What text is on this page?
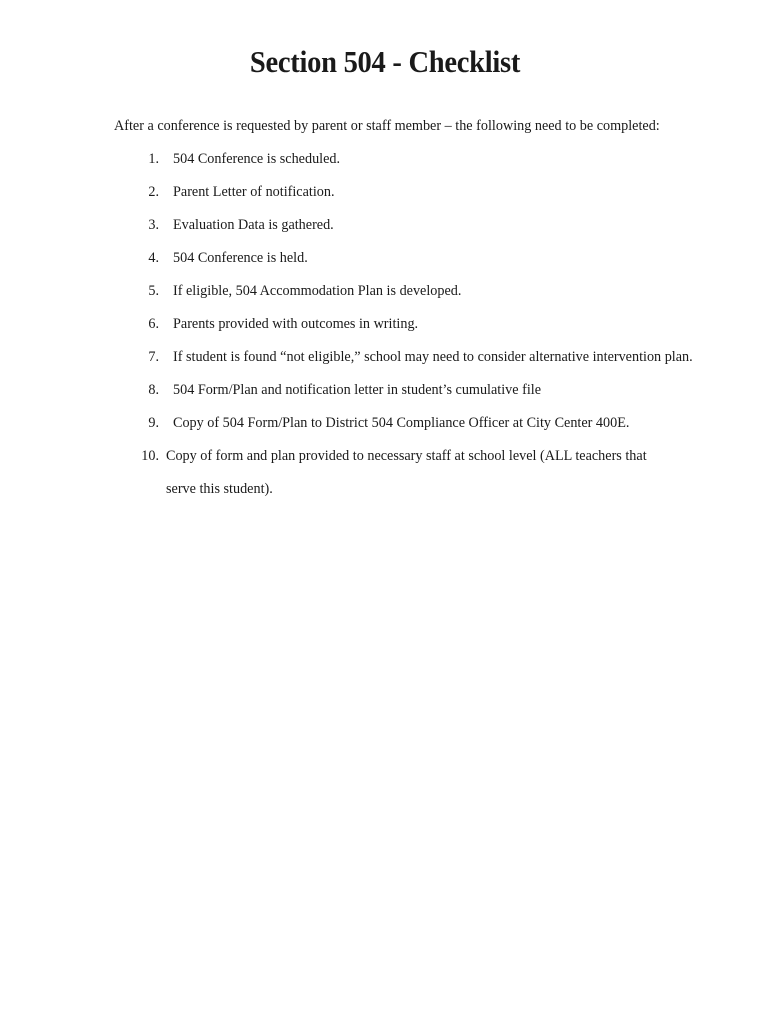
Section 504 - Checklist

After a conference is requested by parent or staff member – the following need to be completed:

1. 504 Conference is scheduled.
2. Parent Letter of notification.
3. Evaluation Data is gathered.
4. 504 Conference is held.
5. If eligible, 504 Accommodation Plan is developed.
6. Parents provided with outcomes in writing.
7. If student is found “not eligible,” school may need to consider alternative intervention plan.
8. 504 Form/Plan and notification letter in student’s cumulative file
9. Copy of 504 Form/Plan to District 504 Compliance Officer at City Center 400E.
10. Copy of form and plan provided to necessary staff at school level (ALL teachers that serve this student).
